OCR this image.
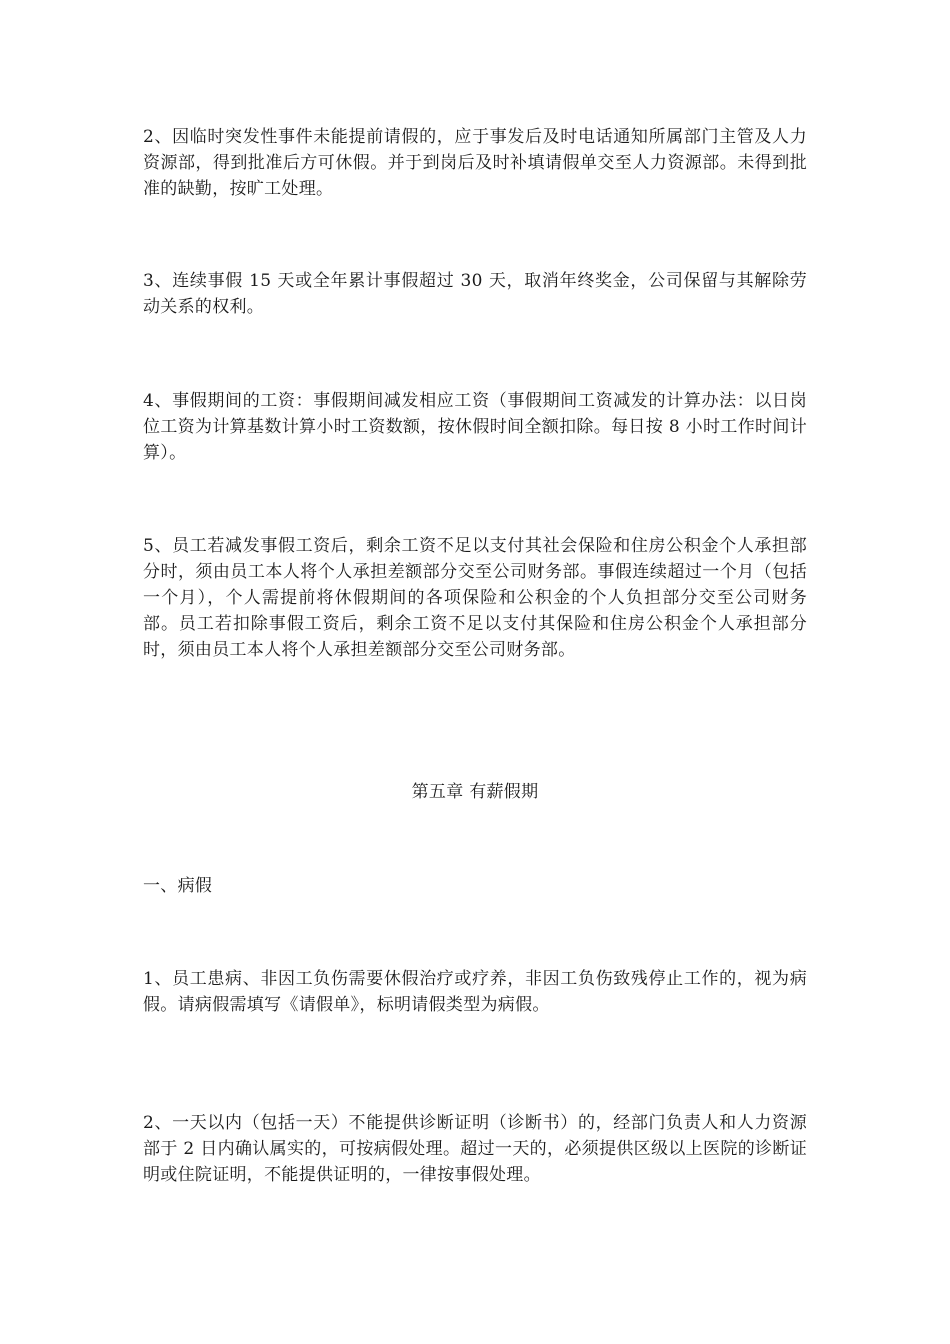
2、因临时突发性事件未能提前请假的，应于事发后及时电话通知所属部门主管及人力资源部，得到批准后方可休假。并于到岗后及时补填请假单交至人力资源部。未得到批准的缺勤，按旷工处理。

3、连续事假 15 天或全年累计事假超过 30 天，取消年终奖金，公司保留与其解除劳动关系的权利。

4、事假期间的工资：事假期间减发相应工资（事假期间工资减发的计算办法：以日岗位工资为计算基数计算小时工资数额，按休假时间全额扣除。每日按 8 小时工作时间计算）。

5、员工若减发事假工资后，剩余工资不足以支付其社会保险和住房公积金个人承担部分时，须由员工本人将个人承担差额部分交至公司财务部。事假连续超过一个月（包括一个月），个人需提前将休假期间的各项保险和公积金的个人负担部分交至公司财务部。员工若扣除事假工资后，剩余工资不足以支付其保险和住房公积金个人承担部分时，须由员工本人将个人承担差额部分交至公司财务部。

第五章 有薪假期

一、病假

1、员工患病、非因工负伤需要休假治疗或疗养，非因工负伤致残停止工作的，视为病假。请病假需填写《请假单》，标明请假类型为病假。

2、一天以内（包括一天）不能提供诊断证明（诊断书）的，经部门负责人和人力资源部于 2 日内确认属实的，可按病假处理。超过一天的，必须提供区级以上医院的诊断证明或住院证明，不能提供证明的，一律按事假处理。
